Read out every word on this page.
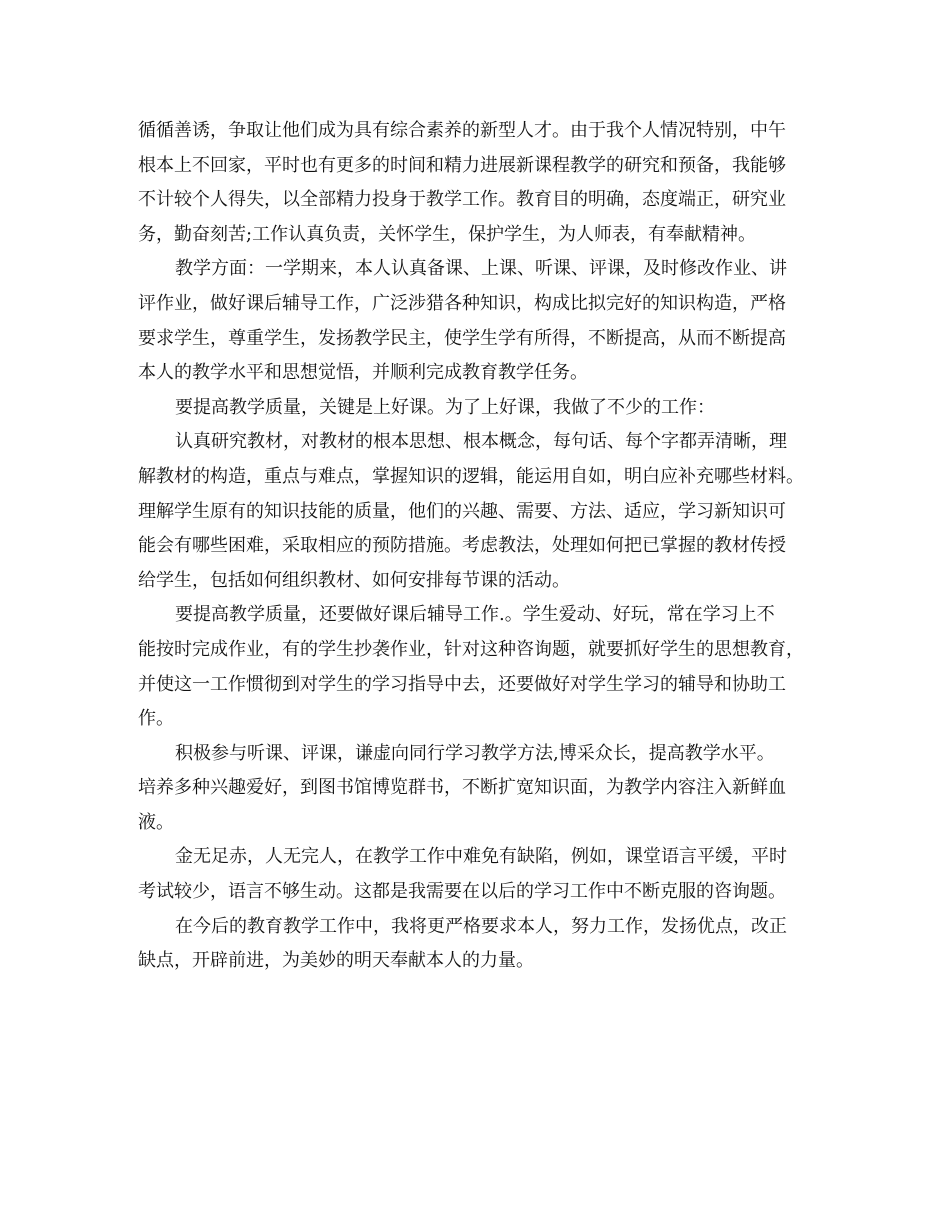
循循善诱，争取让他们成为具有综合素养的新型人才。由于我个人情况特别，中午
根本上不回家，平时也有更多的时间和精力进展新课程教学的研究和预备，我能够
不计较个人得失，以全部精力投身于教学工作。教育目的明确，态度端正，研究业
务，勤奋刻苦;工作认真负责，关怀学生，保护学生，为人师表，有奉献精神。
教学方面：一学期来，本人认真备课、上课、听课、评课，及时修改作业、讲
评作业，做好课后辅导工作，广泛涉猎各种知识，构成比拟完好的知识构造，严格
要求学生，尊重学生，发扬教学民主，使学生学有所得，不断提高，从而不断提高
本人的教学水平和思想觉悟，并顺利完成教育教学任务。
要提高教学质量，关键是上好课。为了上好课，我做了不少的工作：
认真研究教材，对教材的根本思想、根本概念，每句话、每个字都弄清晰，理
解教材的构造，重点与难点，掌握知识的逻辑，能运用自如，明白应补充哪些材料。
理解学生原有的知识技能的质量，他们的兴趣、需要、方法、适应，学习新知识可
能会有哪些困难，采取相应的预防措施。考虑教法，处理如何把已掌握的教材传授
给学生，包括如何组织教材、如何安排每节课的活动。
要提高教学质量，还要做好课后辅导工作.。学生爱动、好玩，常在学习上不
能按时完成作业，有的学生抄袭作业，针对这种咨询题，就要抓好学生的思想教育，
并使这一工作惯彻到对学生的学习指导中去，还要做好对学生学习的辅导和协助工
作。
积极参与听课、评课，谦虚向同行学习教学方法,博采众长，提高教学水平。
培养多种兴趣爱好，到图书馆博览群书，不断扩宽知识面，为教学内容注入新鲜血
液。
金无足赤，人无完人，在教学工作中难免有缺陷，例如，课堂语言平缓，平时
考试较少，语言不够生动。这都是我需要在以后的学习工作中不断克服的咨询题。
在今后的教育教学工作中，我将更严格要求本人，努力工作，发扬优点，改正
缺点，开辟前进，为美妙的明天奉献本人的力量。
